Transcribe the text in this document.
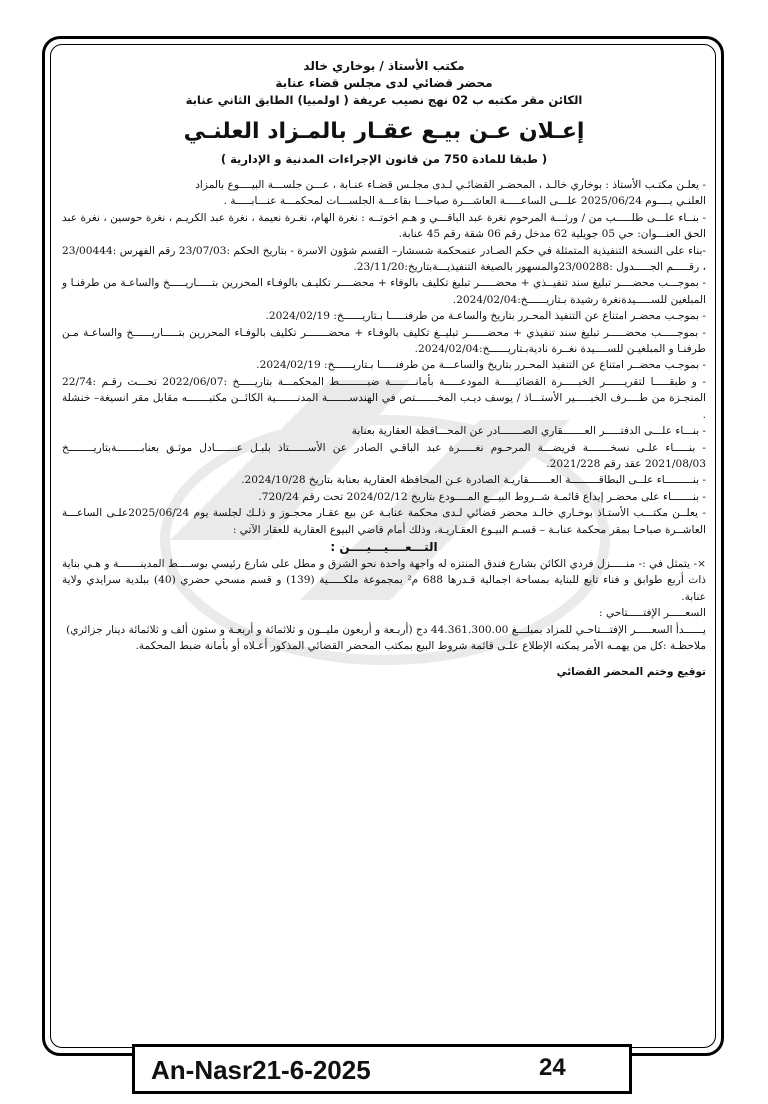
مكتب الأستاذ / بوخاري خالد
محضر قضائي لدى مجلس قضاء عنابة
الكائن مقر مكتبه ب 02 نهج نصيب عريفة ( اولمبيا) الطابق الثاني عنابة
إعـلان عـن بيـع عقـار بالمـزاد العلنـي
( طبقا للمادة 750 من قانون الإجراءات المدنية و الإدارية )

- يعلـن مكتـب الأستاذ : بوخاري خالـد ، المحضـر القضائـي لـدى مجلـس قضـاء عنـابة ، عـــن جلســـة البيــــوع بالمزاد

العلنـي يــــوم 2025/06/24 علـــى الساعـــــة العاشـــرة صباحـــا بقاعـــة الجلســـات لمحكمـــة عنـــابـــــة .

- بنــاء علـــى طلـــــب من / ورثـــة المرحوم نغرة عبد الباقـــي و هـم اخوتــه : نغرة الهام، نغـرة نعيمة ، نغرة عبد الكريـم ، نغرة حوسين ، نغرة عبد الحق العنـــوان: حي 05 جويلية 62 مدخل رقم 06 شقة رقم 45 عنابة.

-بناء على النسخة التنفيذية المتمثلة في حكم الصـادر عنمحكمة شسشار– القسم شؤون الاسرة - بتاريخ الحكم :23/07/03 رقم الفهرس :23/00444 ، رقـــــم الجـــــدول :23/00288والمسهور بالصيغة التنفيذيـــةبتاريخ:23/11/20.

- بموجـــب محضــــر تبليغ سند تنفيــذي + محضـــــر تبليغ تكليف بالوفاء + محضــــر تكليـف بالوفـاء المحررين بتـــــاريـــــخ والساعـة من طرفنـا و المبلغين للســـــيدةنغرة رشيدة بـتاريــــــخ:2024/02/04.

- بموجـب محضـر امتناع عن التنفيذ المحـرر بتاريخ والساعـة من طرفنـــــا بـتاريــــــخ: 2024/02/19.

- بموجـــــب محضـــــر تبليغ سند تنفيذي + محضــــــر تبليــغ تكليف بالوفـاء + محضـــــــر تكليف بالوفـاء المحررين بتـــــاريــــــخ والساعـة مـن طرفنـا و المبلغيـن للســــيدة نغــرة ناديةبـتاريــــــخ:2024/02/04.

- بموجـب محضــر امتناع عن التنفيذ المحـرر بتاريخ والساعـــة من طرفنـــــا بـتاريــــــخ: 2024/02/19.

- و طبقـــــا لتقريــــــر الخبـــــرة القضائيـــــة المودعـــــة بأمانــــــــة ضبـــــــــط المحكمـــة بتاريـــــخ :2022/06/07 تحـــت رقـم :22/74 المنجـزة من طــــرف الخبـــــير الأستـــاذ / يوسف ديـب المخـــــــتص في الهندســـــــة المدنـــــــية الكائــن مكتبـــــــه مقابل مقر انسيغة– خنشلة .

- بنـــاء علـــى الدفتـــــر العـــــــقاري الصـــــــادر عن المحـــافظة العقارية بعنابة

- بنـــــاء علـى نسخـــــــة فريضـــة المرحـوم نغـــــرة عبد الباقـي الصادر عن الأســــــتاذ بلبـل عـــــــادل موثـق بعنابــــــــةبتاريــــــــخ 2021/08/03 عقد رقم 2021/228.

- بنـــــــــاء علــى البطاقـــــــــة العـــــــقاريـة الصادرة عـن المحافظة العقارية بعنابة بتاريخ 2024/10/28.

- بنـــــــاء على محضـر إيداع قائمـة شــروط البيـــع المــــودع بتاريخ 2024/02/12 تحت رقم 720/24.

- يعلــن مكتـــب الأستـاذ بوخـاري خالـد محضر قضائي لـدى محكمة عنابـة عن بيع عقـار محجـوز و ذلـك لجلسة يوم 2025/06/24علـى الساعـــة العاشــرة صباحـا بمقر محكمة عنابـة – قسـم البيـوع العقـاريـة، وذلك أمام قاضي البيوع العقارية للعقار الآتي :

التـــعــــيـــيــــن :

×- يتمثل في :- منـــــزل فردي الكائن بشارع فندق المنتزه له واجهة واحدة نحو الشرق و مطل على شارع رئيسي بوســــط المدينـــــــة و هـي بناية ذات أربع طوابق و فناء تابع للبناية بمساحة اجمالية قـدرها 688 م² بمجموعة ملكـــــية (139) و قسم مسحي حضري (40) ببلدية سرايدي ولاية عنابة.

السعـــــر الإفتـــــتاحي :

يــــــدأ السعـــــر الإفتـــتاحـي للمزاد بمبلـــغ 44.361.300.00 دج (أربـعة و أربعون مليــون و ثلاثمائة و أربعـة و ستون ألف و ثلاثمائة دينار جزائري)

ملاحظـة :كل من يهمـه الأمر يمكنه الإطلاع علـى قائمة شروط البيع بمكتب المحضر القضائي المذكور أعـلاه أو بأمانة ضبط المحكمة.

توقيع وختم المحضر القضائي
An-Nasr21-6-2025	24
